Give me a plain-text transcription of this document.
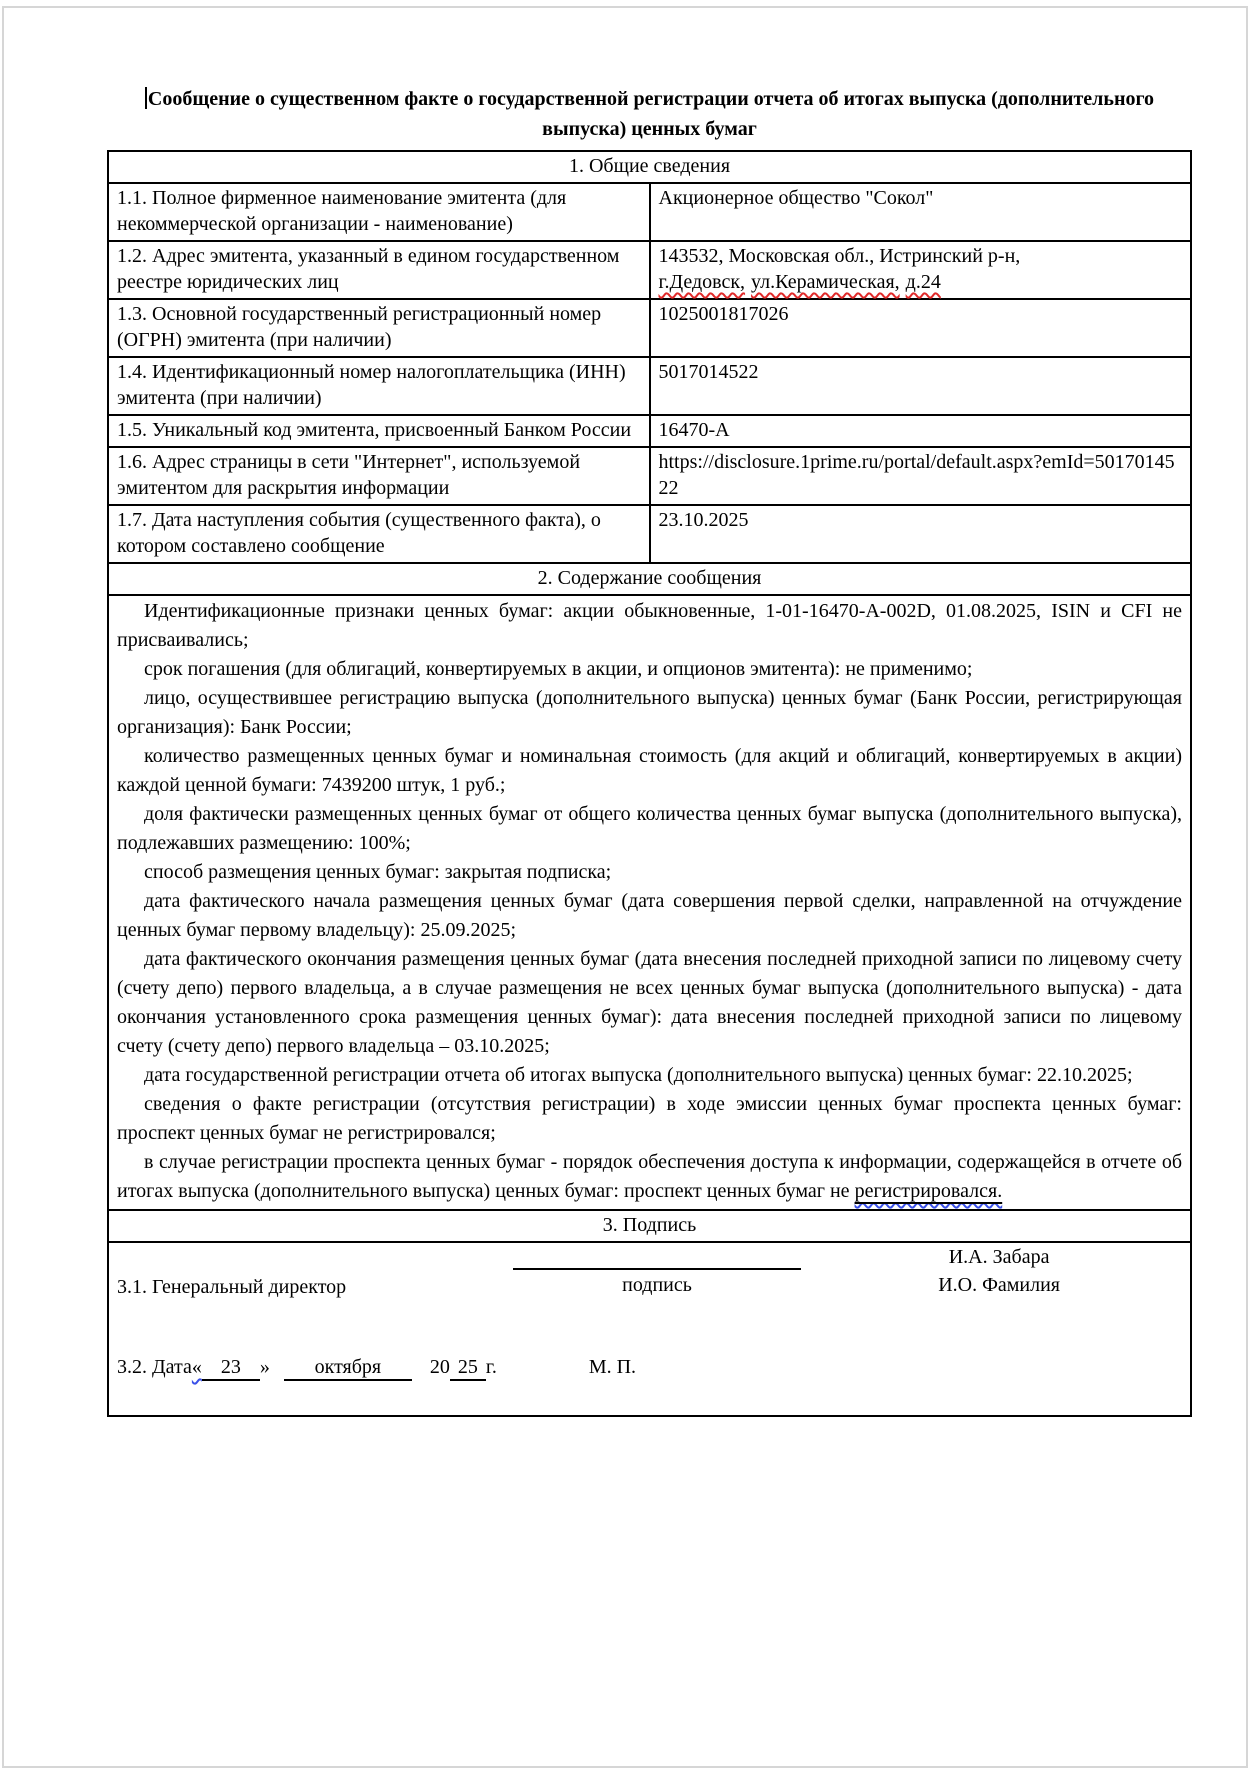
Сообщение о существенном факте о государственной регистрации отчета об итогах выпуска (дополнительного выпуска) ценных бумаг
1. Общие сведения	
1.1. Полное фирменное наименование эмитента (для некоммерческой организации - наименование)	Акционерное общество "Сокол"
1.2. Адрес эмитента, указанный в едином государственном реестре юридических лиц	143532, Московская обл., Истринский р-н,
г.Дедовск, ул.Керамическая, д.24
1.3. Основной государственный регистрационный номер (ОГРН) эмитента (при наличии)	1025001817026
1.4. Идентификационный номер налогоплательщика (ИНН) эмитента (при наличии)	5017014522
1.5. Уникальный код эмитента, присвоенный Банком России	16470-A
1.6. Адрес страницы в сети "Интернет", используемой эмитентом для раскрытия информации	https://disclosure.1prime.ru/portal/default.aspx?emId=5017014522
1.7. Дата наступления события (существенного факта), о котором составлено сообщение	23.10.2025
2. Содержание сообщения	

Идентификационные признаки ценных бумаг: акции обыкновенные, 1-01-16470-А-002D, 01.08.2025, ISIN и CFI не присваивались;

срок погашения (для облигаций, конвертируемых в акции, и опционов эмитента): не применимо;

лицо, осуществившее регистрацию выпуска (дополнительного выпуска) ценных бумаг (Банк России, регистрирующая организация): Банк России;

количество размещенных ценных бумаг и номинальная стоимость (для акций и облигаций, конвертируемых в акции) каждой ценной бумаги: 7439200 штук, 1 руб.;

доля фактически размещенных ценных бумаг от общего количества ценных бумаг выпуска (дополнительного выпуска), подлежавших размещению: 100%;

способ размещения ценных бумаг: закрытая подписка;

дата фактического начала размещения ценных бумаг (дата совершения первой сделки, направленной на отчуждение ценных бумаг первому владельцу): 25.09.2025;

дата фактического окончания размещения ценных бумаг (дата внесения последней приходной записи по лицевому счету (счету депо) первого владельца, а в случае размещения не всех ценных бумаг выпуска (дополнительного выпуска) - дата окончания установленного срока размещения ценных бумаг): дата внесения последней приходной записи по лицевому счету (счету депо) первого владельца – 03.10.2025;

дата государственной регистрации отчета об итогах выпуска (дополнительного выпуска) ценных бумаг: 22.10.2025;

сведения о факте регистрации (отсутствия регистрации) в ходе эмиссии ценных бумаг проспекта ценных бумаг: проспект ценных бумаг не регистрировался;

в случае регистрации проспекта ценных бумаг - порядок обеспечения доступа к информации, содержащейся в отчете об итогах выпуска (дополнительного выпуска) ценных бумаг: проспект ценных бумаг не регистрировался.

3. Подпись	

3.1. Генеральный директор	подпись
И.А. Забара
И.О. Фамилия
3.2. Дата « 23 »	октября	20 25 г.	М. П.
